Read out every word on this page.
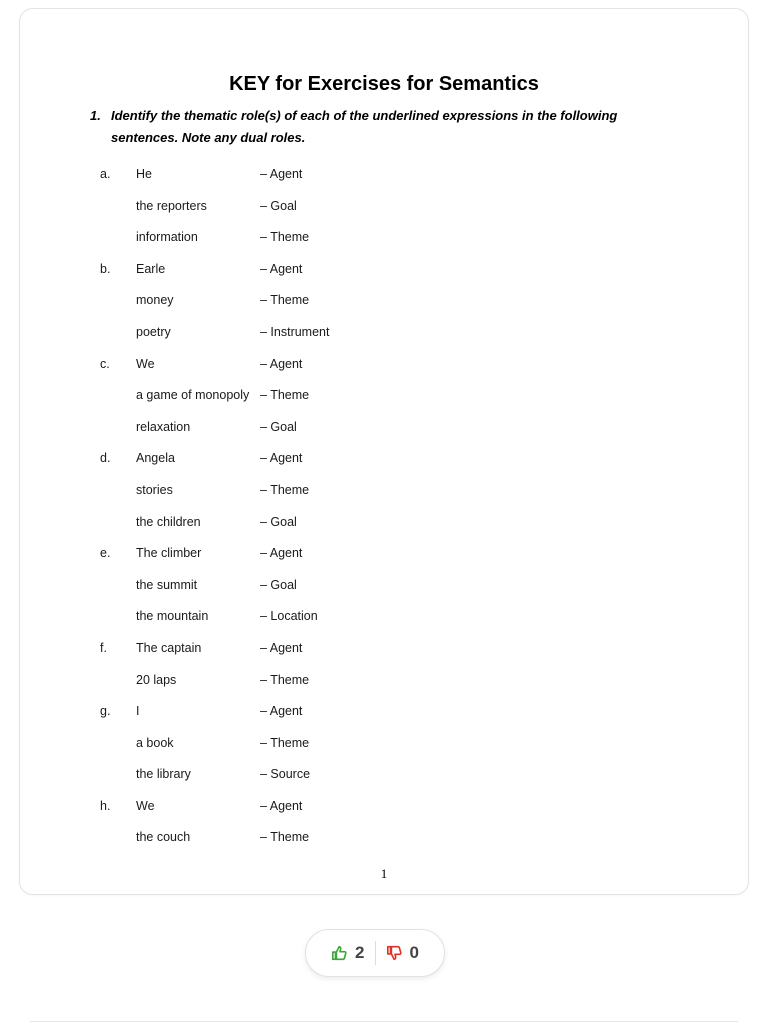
KEY for Exercises for Semantics
1. Identify the thematic role(s) of each of the underlined expressions in the following sentences. Note any dual roles.
a. He	– Agent
the reporters	– Goal
information	– Theme
b. Earle	– Agent
money	– Theme
poetry	– Instrument
c. We	– Agent
a game of monopoly – Theme
relaxation	– Goal
d. Angela	– Agent
stories	– Theme
the children	– Goal
e. The climber	– Agent
the summit	– Goal
the mountain	– Location
f. The captain	– Agent
20 laps	– Theme
g. I	– Agent
a book	– Theme
the library	– Source
h. We	– Agent
the couch	– Theme
1
2	0
